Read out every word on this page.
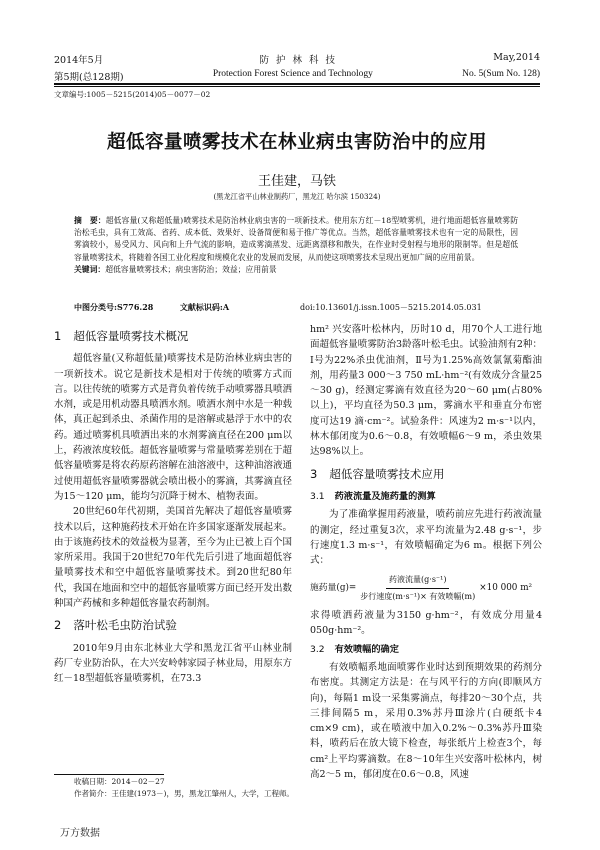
2014年5月	防 护 林 科 技	May,2014
第5期(总128期)	Protection Forest Science and Technology	No. 5(Sum No. 128)
文章编号:1005－5215(2014)05－0077－02
超低容量喷雾技术在林业病虫害防治中的应用
王佳建，马铁
(黑龙江省平山林业制药厂，黑龙江 哈尔滨 150324)
摘　要：超低容量(又称超低量)喷雾技术是防治林业病虫害的一项新技术。使用东方红－18型喷雾机，进行地面超低容量喷雾防治松毛虫，具有工效高、省药、成本低、效果好、设备简便和易于推广等优点。当然，超低容量喷雾技术也有一定的局限性，因雾滴较小，易受风力、风向和上升气流的影响，造成雾滴蒸发、远距离漂移和散失，在作业时受射程与地形的限制等。但是超低容量喷雾技术，将随着各国工业化程度和规模化农业的发展而发展，从而使这项喷雾技术呈现出更加广阔的应用前景。
关键词：超低容量喷雾技术；病虫害防治；效益；应用前景
中图分类号:S776.28	文献标识码:A	doi:10.13601/j.issn.1005－5215.2014.05.031
1 超低容量喷雾技术概况

超低容量(又称超低量)喷雾技术是防治林业病虫害的一项新技术。说它是新技术是相对于传统的喷雾方式而言。以往传统的喷雾方式是背负着传统手动喷雾器具喷洒水剂，或是用机动器具喷洒水剂。喷洒水剂中水是一种载体，真正起到杀虫、杀菌作用的是溶解或悬浮于水中的农药。通过喷雾机具喷洒出来的水剂雾滴直径在200 μm以上，药液浓度较低。超低容量喷雾与常量喷雾差别在于超低容量喷雾是将农药原药溶解在油溶液中，这种油溶液通过使用超低容量喷雾器就会喷出极小的雾滴，其雾滴直径为15～120 μm，能均匀沉降于树木、植物表面。

20世纪60年代初期，美国首先解决了超低容量喷雾技术以后，这种施药技术开始在许多国家逐渐发展起来。由于该施药技术的效益极为显著，至今为止已被上百个国家所采用。我国于20世纪70年代先后引进了地面超低容量喷雾技术和空中超低容量喷雾技术。到20世纪80年代，我国在地面和空中的超低容量喷雾方面已经开发出数种国产药械和多种超低容量农药制剂。

2 落叶松毛虫防治试验

2010年9月由东北林业大学和黑龙江省平山林业制药厂专业防治队，在大兴安岭韩家园子林业局，用原东方红－18型超低容量喷雾机，在73.3

收稿日期：2014－02－27
作者简介：王佳建(1973－)，男，黑龙江肇州人，大学，工程师。

hm² 兴安落叶松林内，历时10 d，用70个人工进行地面超低容量喷雾防治3龄落叶松毛虫。试验油剂有2种：Ⅰ号为22%杀虫优油剂，Ⅱ号为1.25%高效氯氰菊酯油剂，用药量3 000～3 750 mL·hm⁻²(有效成分含量25～30 g)，经测定雾滴有效直径为20～60 μm(占80%以上)，平均直径为50.3 μm，雾滴水平和垂直分布密度可达19 滴·cm⁻²。试验条件：风速为2 m·s⁻¹以内，林木郁闭度为0.6～0.8，有效喷幅6～9 m，杀虫效果达98%以上。

3 超低容量喷雾技术应用
3.1 药液流量及施药量的测算

为了准确掌握用药液量，喷药前应先进行药液流量的测定，经过重复3次，求平均流量为2.48 g·s⁻¹，步行速度1.3 m·s⁻¹，有效喷幅确定为6 m。根据下列公式：

施药量$(g)= \frac{\text{药液流量(g·s⁻¹)}}{\text{步行速度(m·s⁻¹)× 有效喷幅(m)}} \times 10$ 000 m²

求得喷洒药液量为3150 g·hm⁻²，有效成分用量4 050g·hm⁻²。

3.2 有效喷幅的确定

有效喷幅系地面喷雾作业时达到预期效果的药剂分布密度。其测定方法是：在与风平行的方向(即顺风方向)，每隔1 m设一采集雾滴点，每排20～30个点，共三排间隔5 m，采用0.3%苏丹Ⅲ涂片(白硬纸卡4 cm×9 cm)，或在喷液中加入0.2%～0.3%苏丹Ⅲ染料，喷药后在放大镜下检查，每张纸片上检查3个，每cm²上平均雾滴数。在8～10年生兴安落叶松林内，树高2～5 m，郁闭度在0.6～0.8，风速

万方数据
